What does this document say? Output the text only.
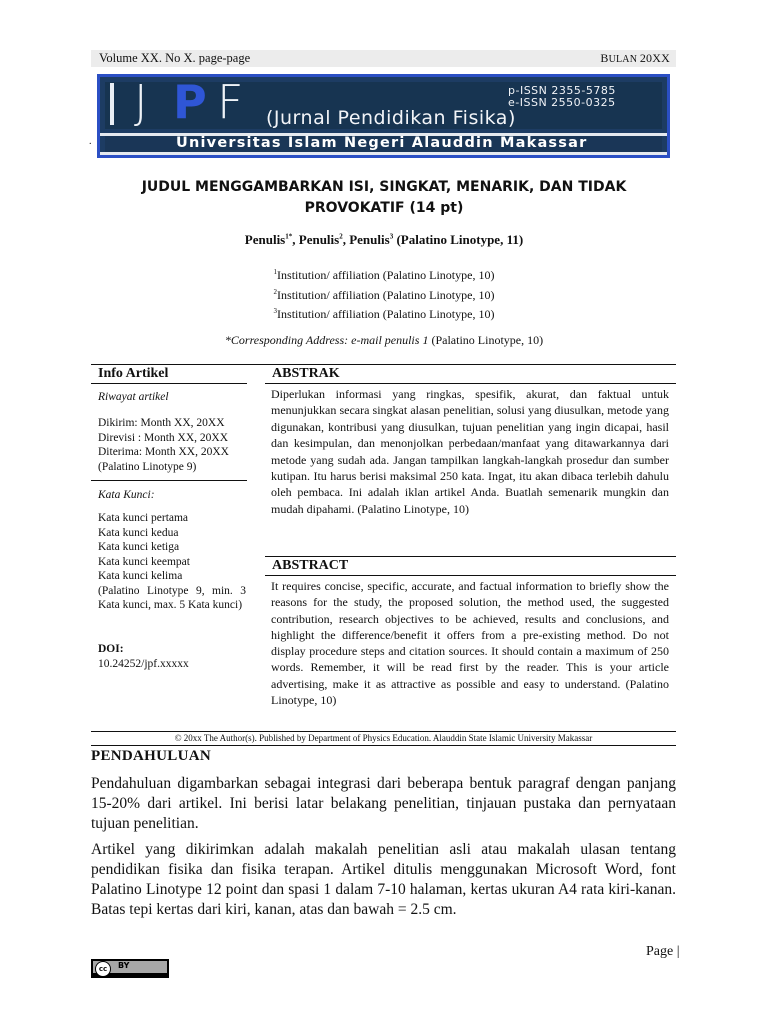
Volume XX. No X. page-page	BULAN 20XX
.
J P F (Jurnal Pendidikan Fisika)
p-ISSN 2355-5785
e-ISSN 2550-0325
Universitas Islam Negeri Alauddin Makassar
JUDUL MENGGAMBARKAN ISI, SINGKAT, MENARIK, DAN TIDAK
PROVOKATIF (14 pt)
Penulis$^{1*}$, Penulis$^2$, Penulis$^3$ (Palatino Linotype, 11)
$^1$Institution/ affiliation (Palatino Linotype, 10)
$^2$Institution/ affiliation (Palatino Linotype, 10)
$^3$Institution/ affiliation (Palatino Linotype, 10)
*Corresponding Address: e-mail penulis 1 (Palatino Linotype, 10)
Info Artikel
Riwayat artikel
Dikirim: Month XX, 20XX
Direvisi : Month XX, 20XX
Diterima: Month XX, 20XX
(Palatino Linotype 9)
Kata Kunci:
Kata kunci pertama
Kata kunci kedua
Kata kunci ketiga
Kata kunci keempat
Kata kunci kelima
(Palatino Linotype 9, min. 3 Kata kunci, max. 5 Kata kunci)
DOI:
10.24252/jpf.xxxxx
ABSTRAK
Diperlukan informasi yang ringkas, spesifik, akurat, dan faktual untuk menunjukkan secara singkat alasan penelitian, solusi yang diusulkan, metode yang digunakan, kontribusi yang diusulkan, tujuan penelitian yang ingin dicapai, hasil dan kesimpulan, dan menonjolkan perbedaan/manfaat yang ditawarkannya dari metode yang sudah ada. Jangan tampilkan langkah-langkah prosedur dan sumber kutipan. Itu harus berisi maksimal 250 kata. Ingat, itu akan dibaca terlebih dahulu oleh pembaca. Ini adalah iklan artikel Anda. Buatlah semenarik mungkin dan mudah dipahami. (Palatino Linotype, 10)
ABSTRACT
It requires concise, specific, accurate, and factual information to briefly show the reasons for the study, the proposed solution, the method used, the suggested contribution, research objectives to be achieved, results and conclusions, and highlight the difference/benefit it offers from a pre-existing method. Do not display procedure steps and citation sources. It should contain a maximum of 250 words. Remember, it will be read first by the reader. This is your article advertising, make it as attractive as possible and easy to understand. (Palatino Linotype, 10)
© 20xx The Author(s). Published by Department of Physics Education. Alauddin State Islamic University Makassar
PENDAHULUAN
Pendahuluan digambarkan sebagai integrasi dari beberapa bentuk paragraf dengan panjang 15-20% dari artikel. Ini berisi latar belakang penelitian, tinjauan pustaka dan pernyataan tujuan penelitian.
Artikel yang dikirimkan adalah makalah penelitian asli atau makalah ulasan tentang pendidikan fisika dan fisika terapan. Artikel ditulis menggunakan Microsoft Word, font Palatino Linotype 12 point dan spasi 1 dalam 7-10 halaman, kertas ukuran A4 rata kiri-kanan. Batas tepi kertas dari kiri, kanan, atas dan bawah = 2.5 cm.
Page |
cc	BY
